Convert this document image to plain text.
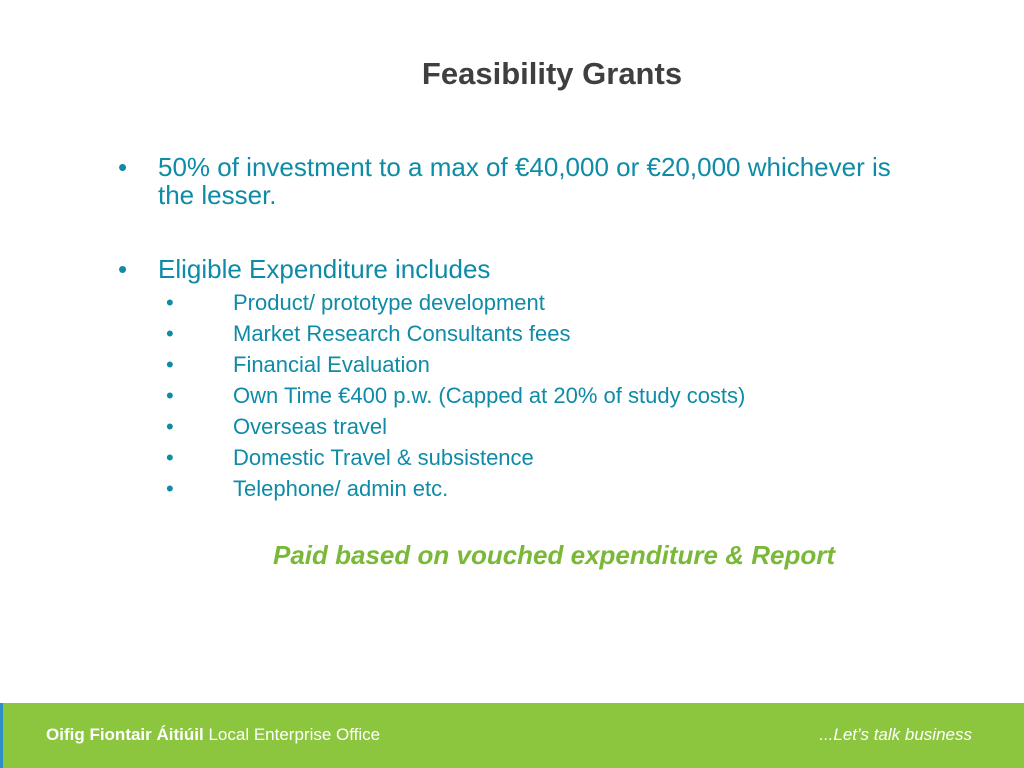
Feasibility Grants
• 50% of investment to a max of €40,000 or €20,000 whichever is the lesser.
• Eligible Expenditure includes
•	Product/ prototype development
•	Market Research Consultants fees
•	Financial Evaluation
•	Own Time €400 p.w. (Capped at 20% of study costs)
•	Overseas travel
•	Domestic Travel & subsistence
•	Telephone/ admin etc.
Paid based on vouched expenditure & Report
Oifig Fiontair Áitiúil Local Enterprise Office	...Let’s talk business
